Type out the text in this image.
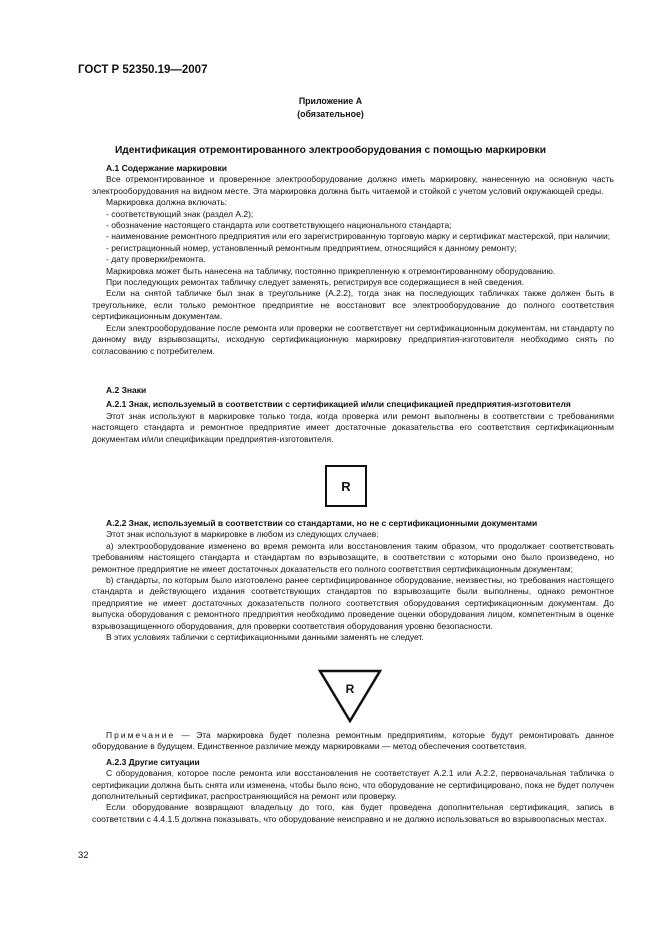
ГОСТ Р 52350.19—2007
Приложение А
(обязательное)
Идентификация отремонтированного электрооборудования с помощью маркировки

А.1 Содержание маркировки

Все отремонтированное и проверенное электрооборудование должно иметь маркировку, нанесенную на основную часть электрооборудования на видном месте. Эта маркировка должна быть читаемой и стойкой с учетом условий окружающей среды.

Маркировка должна включать:

- соответствующий знак (раздел А.2);

- обозначение настоящего стандарта или соответствующего национального стандарта;

- наименование ремонтного предприятия или его зарегистрированную торговую марку и сертификат мастерской, при наличии;

- регистрационный номер, установленный ремонтным предприятием, относящийся к данному ремонту;

- дату проверки/ремонта.

Маркировка может быть нанесена на табличку, постоянно прикрепленную к отремонтированному оборудованию.

При последующих ремонтах табличку следует заменять, регистрируя все содержащиеся в ней сведения.

Если на снятой табличке был знак в треугольнике (А.2.2), тогда знак на последующих табличках также должен быть в треугольнике, если только ремонтное предприятие не восстановит все электрооборудование до полного соответствия сертификационным документам.

Если электрооборудование после ремонта или проверки не соответствует ни сертификационным документам, ни стандарту по данному виду взрывозащиты, исходную сертификационную маркировку предприятия-изготовителя необходимо снять по согласованию с потребителем.

А.2 Знаки

А.2.1 Знак, используемый в соответствии с сертификацией и/или спецификацией предприятия-изготовителя

Этот знак используют в маркировке только тогда, когда проверка или ремонт выполнены в соответствии с требованиями настоящего стандарта и ремонтное предприятие имеет достаточные доказательства его соответствия сертификационным документам и/или спецификации предприятия-изготовителя.

R

А.2.2 Знак, используемый в соответствии со стандартами, но не с сертификационными документами

Этот знак используют в маркировке в любом из следующих случаев:

а) электрооборудование изменено во время ремонта или восстановления таким образом, что продолжает соответствовать требованиям настоящего стандарта и стандартам по взрывозащите, в соответствии с которыми оно было произведено, но ремонтное предприятие не имеет достаточных доказательств его полного соответствия сертификационным документам;

b) стандарты, по которым было изготовлено ранее сертифицированное оборудование, неизвестны, но требования настоящего стандарта и действующего издания соответствующих стандартов по взрывозащите были выполнены, однако ремонтное предприятие не имеет достаточных доказательств полного соответствия оборудования сертификационным документам. До выпуска оборудования с ремонтного предприятия необходимо проведение оценки оборудования лицом, компетентным в оценке взрывозащищенного оборудования, для проверки соответствия оборудования уровню безопасности.

В этих условиях таблички с сертификационными данными заменять не следует.

R

Примечание — Эта маркировка будет полезна ремонтным предприятиям, которые будут ремонтировать данное оборудование в будущем. Единственное различие между маркировками — метод обеспечения соответствия.

А.2.3 Другие ситуации

С оборудования, которое после ремонта или восстановления не соответствует А.2.1 или А.2.2, первоначальная табличка о сертификации должна быть снята или изменена, чтобы было ясно, что оборудование не сертифицировано, пока не будет получен дополнительный сертификат, распространяющийся на ремонт или проверку.

Если оборудование возвращают владельцу до того, как будет проведена дополнительная сертификация, запись в соответствии с 4.4.1.5 должна показывать, что оборудование неисправно и не должно использоваться во взрывоопасных местах.

32
